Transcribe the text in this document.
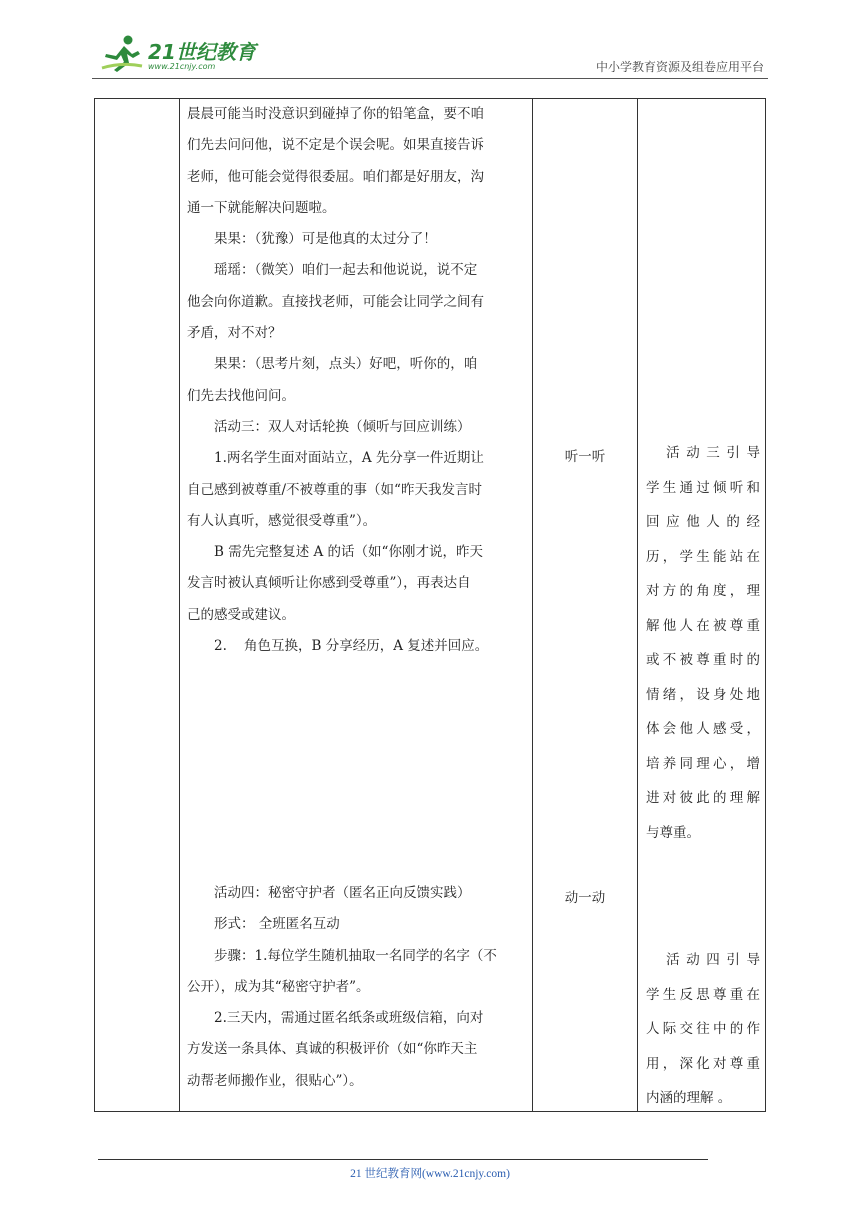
21世纪教育
www.21cnjy.com	中小学教育资源及组卷应用平台
晨晨可能当时没意识到碰掉了你的铅笔盒，要不咱
们先去问问他，说不定是个误会呢。如果直接告诉
老师，他可能会觉得很委屈。咱们都是好朋友，沟
通一下就能解决问题啦。
果果：（犹豫）可是他真的太过分了！
瑶瑶：（微笑）咱们一起去和他说说，说不定
他会向你道歉。直接找老师，可能会让同学之间有
矛盾，对不对？
果果：（思考片刻，点头）好吧，听你的，咱
们先去找他问问。
活动三：双人对话轮换（倾听与回应训练）
1.两名学生面对面站立，A 先分享一件近期让
自己感到被尊重/不被尊重的事（如“昨天我发言时
有人认真听，感觉很受尊重”）。
B 需先完整复述 A 的话（如“你刚才说，昨天
发言时被认真倾听让你感到受尊重”），再表达自
己的感受或建议。
2.    角色互换，B 分享经历，A 复述并回应。
活动四：秘密守护者（匿名正向反馈实践）
形式： 全班匿名互动
步骤：1.每位学生随机抽取一名同学的名字（不
公开），成为其“秘密守护者”。
2.三天内，需通过匿名纸条或班级信箱，向对
方发送一条具体、真诚的积极评价（如“你昨天主
动帮老师搬作业，很贴心”）。
听一听
动一动
　活动三引导
学生通过倾听和
回应他人的经
历，学生能站在
对方的角度，理
解他人在被尊重
或不被尊重时的
情绪，设身处地
体会他人感受，
培养同理心，增
进对彼此的理解
与尊重。
　活动四引导
学生反思尊重在
人际交往中的作
用，深化对尊重
内涵的理解 。
21 世纪教育网(www.21cnjy.com)
